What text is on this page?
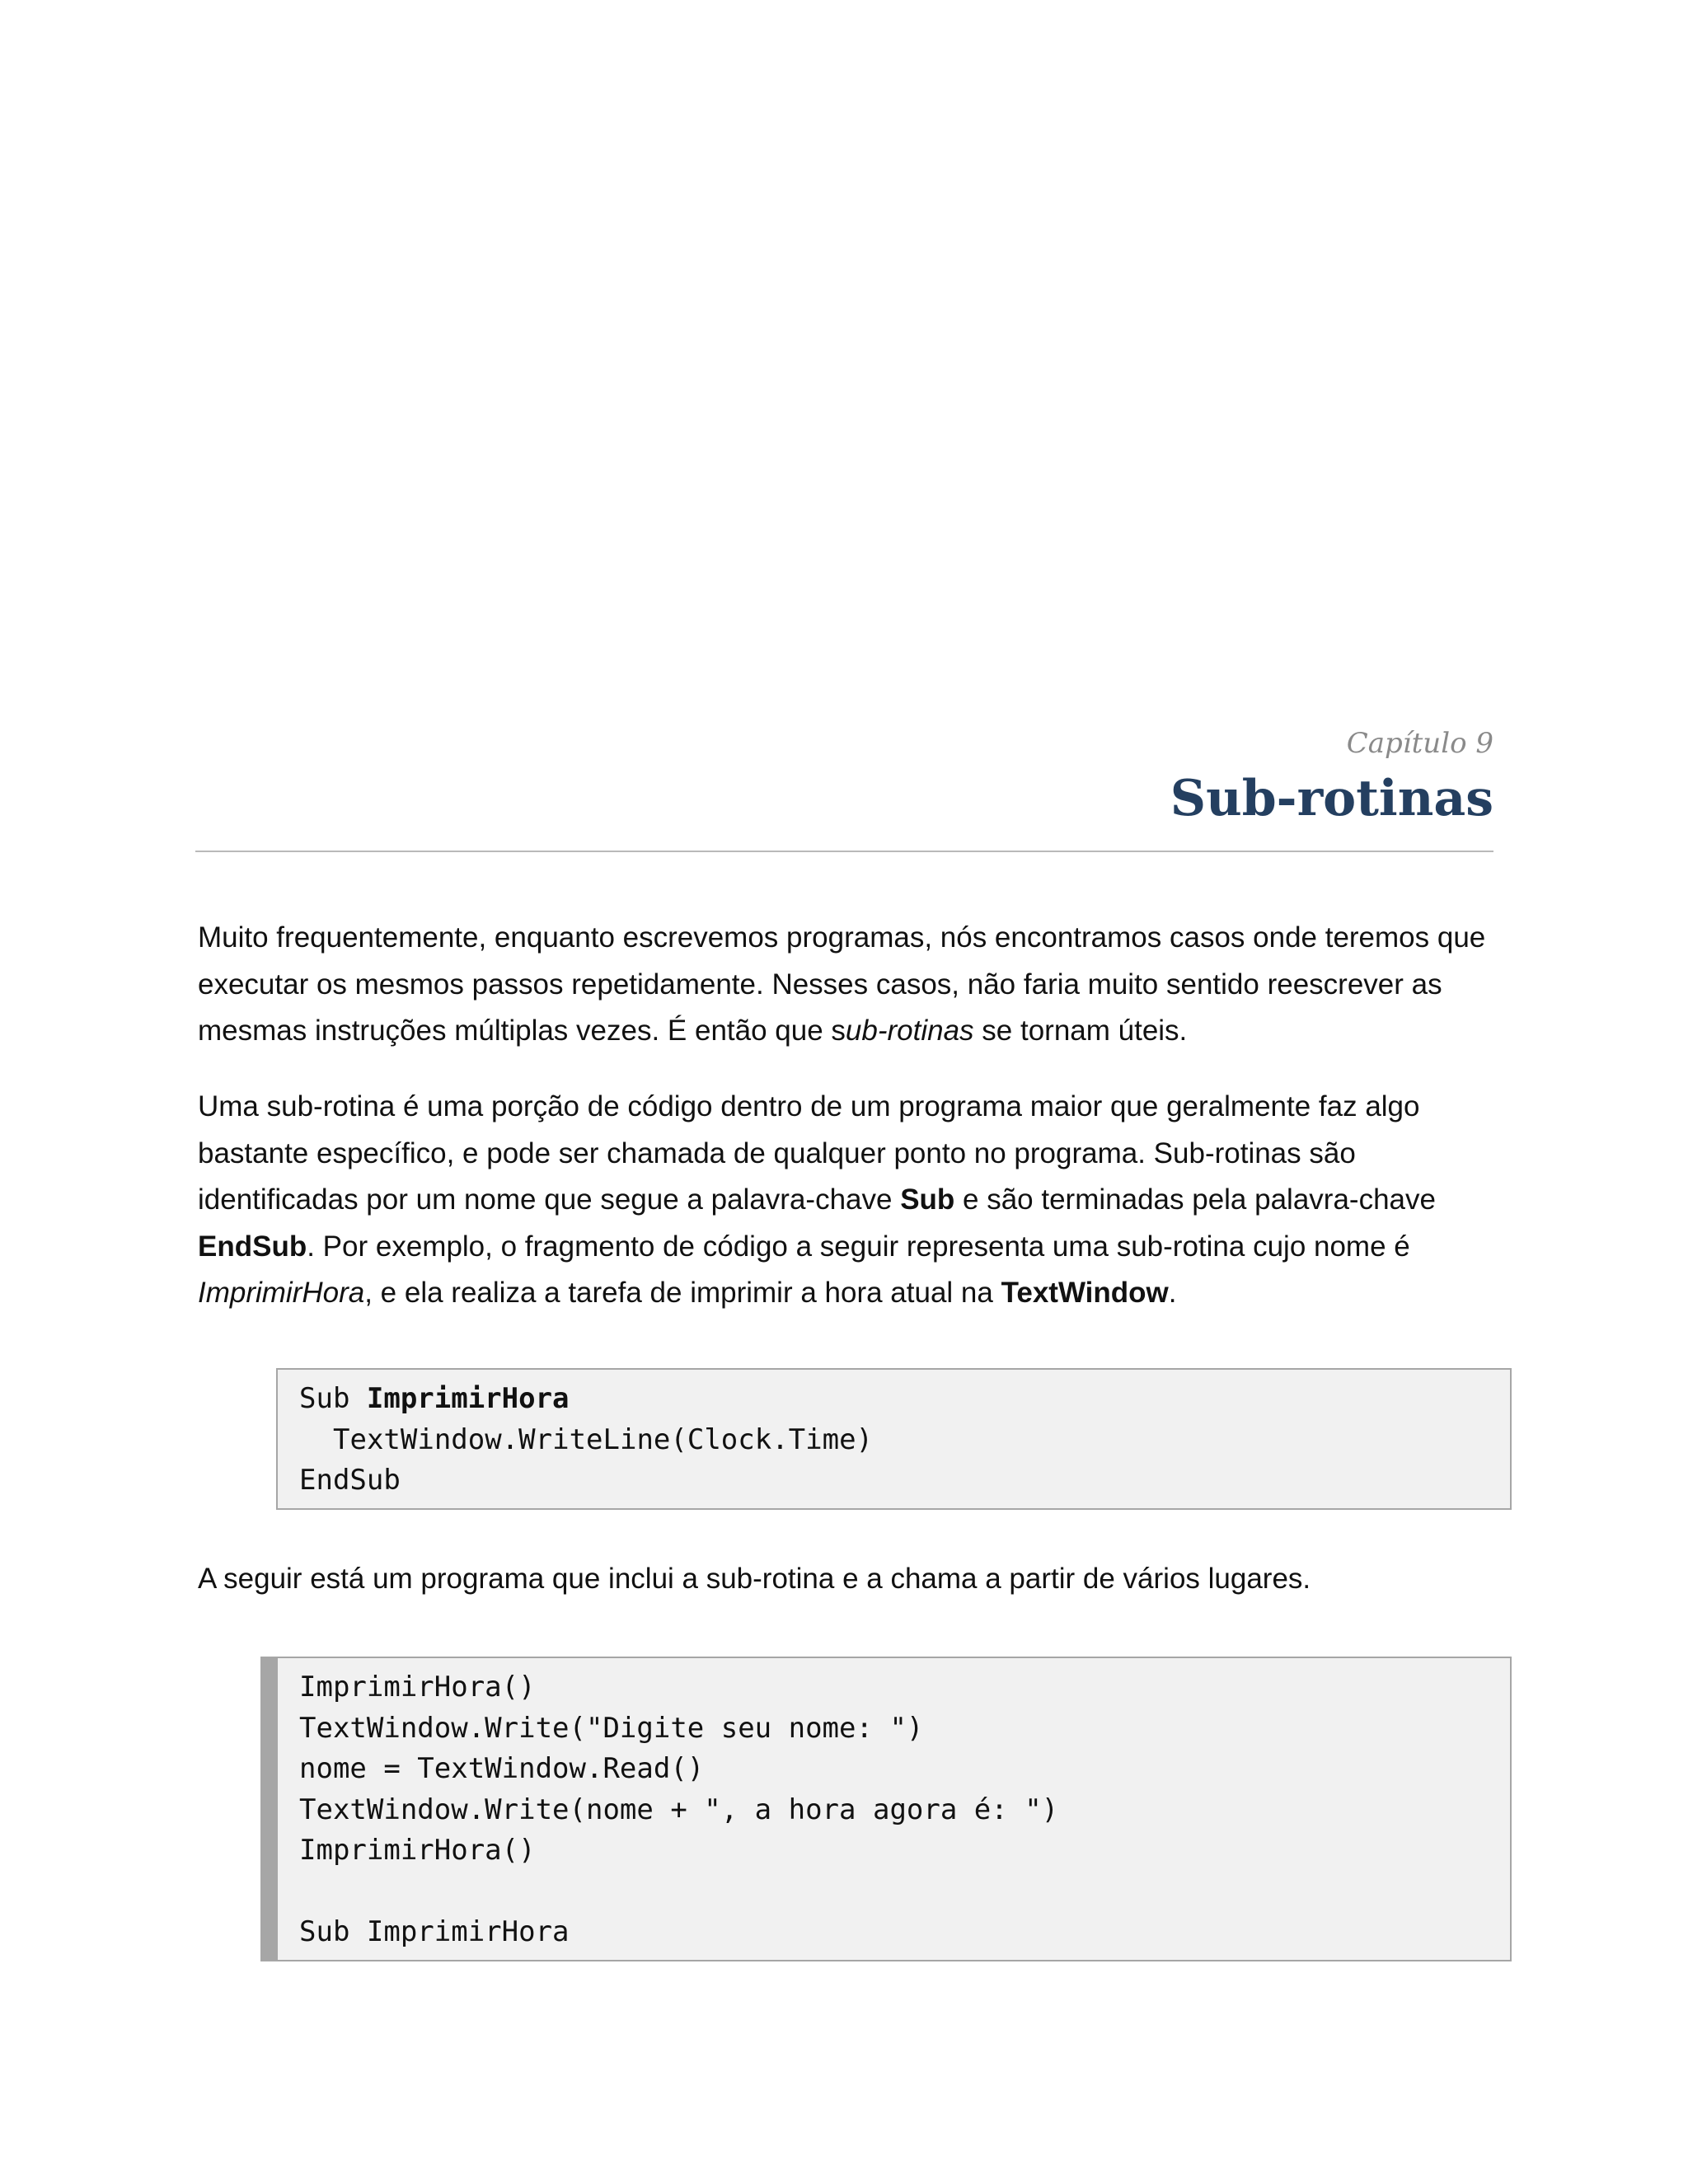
Capítulo 9

Sub-rotinas

Muito frequentemente, enquanto escrevemos programas, nós encontramos casos onde teremos que executar os mesmos passos repetidamente. Nesses casos, não faria muito sentido reescrever as mesmas instruções múltiplas vezes. É então que sub-rotinas se tornam úteis.

Uma sub-rotina é uma porção de código dentro de um programa maior que geralmente faz algo bastante específico, e pode ser chamada de qualquer ponto no programa. Sub-rotinas são identificadas por um nome que segue a palavra-chave Sub e são terminadas pela palavra-chave EndSub. Por exemplo, o fragmento de código a seguir representa uma sub-rotina cujo nome é ImprimirHora, e ela realiza a tarefa de imprimir a hora atual na TextWindow.

Sub ImprimirHora
TextWindow.WriteLine(Clock.Time)
EndSub

A seguir está um programa que inclui a sub-rotina e a chama a partir de vários lugares.

ImprimirHora()
TextWindow.Write("Digite seu nome: ")
nome = TextWindow.Read()
TextWindow.Write(nome + ", a hora agora é: ")
ImprimirHora()
Sub ImprimirHora
